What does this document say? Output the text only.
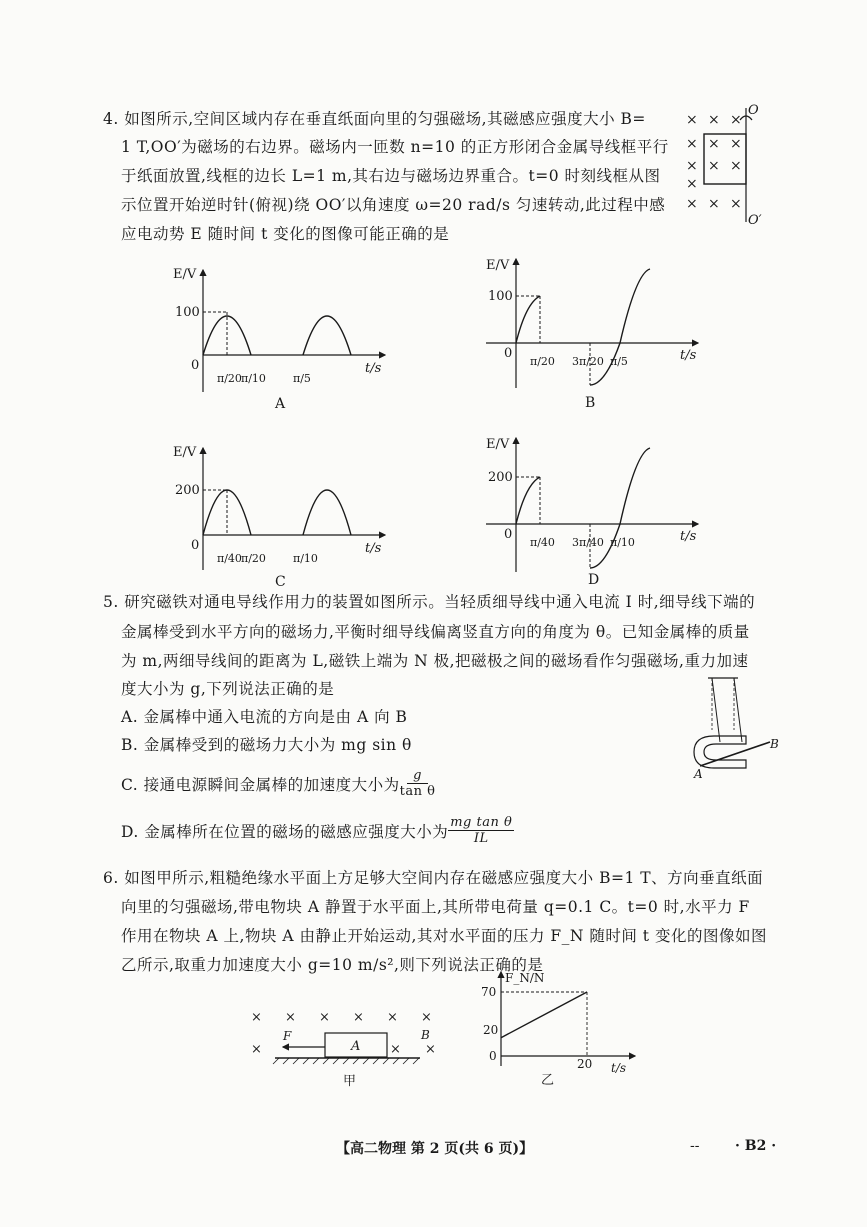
4. 如图所示,空间区域内存在垂直纸面向里的匀强磁场,其磁感应强度大小 B=
1 T,OO′为磁场的右边界。磁场内一匝数 n=10 的正方形闭合金属导线框平行
于纸面放置,线框的边长 L=1 m,其右边与磁场边界重合。t=0 时刻线框从图
示位置开始逆时针(俯视)绕 OO′以角速度 ω=20 rad/s 匀速转动,此过程中感
应电动势 E 随时间 t 变化的图像可能正确的是
× × ×
× × ×
× × ×
×
× × ×
O
O′
E/V
t/s
0
100
π/20 π/10 π/5
A
E/V
t/s
0
100
π/20 3π/20 π/5
B
E/V
t/s
0
200
π/40 π/20 π/10
C
E/V
t/s
0
200
π/40 3π/40 π/10
D
5. 研究磁铁对通电导线作用力的装置如图所示。当轻质细导线中通入电流 I 时,细导线下端的
金属棒受到水平方向的磁场力,平衡时细导线偏离竖直方向的角度为 θ。已知金属棒的质量
为 m,两细导线间的距离为 L,磁铁上端为 N 极,把磁极之间的磁场看作匀强磁场,重力加速
度大小为 g,下列说法正确的是
A. 金属棒中通入电流的方向是由 A 向 B
B. 金属棒受到的磁场力大小为 mg sin θ
C. 接通电源瞬间金属棒的加速度大小为 $\frac{g}{\text{tan θ}}$
D. 金属棒所在位置的磁场的磁感应强度大小为 $\frac{\text{mg tan θ}}{IL}$
A
B
6. 如图甲所示,粗糙绝缘水平面上方足够大空间内存在磁感应强度大小 B=1 T、方向垂直纸面
向里的匀强磁场,带电物块 A 静置于水平面上,其所带电荷量 q=0.1 C。t=0 时,水平力 F
作用在物块 A 上,物块 A 由静止开始运动,其对水平面的压力 F_N 随时间 t 变化的图像如图
乙所示,取重力加速度大小 g=10 m/s²,则下列说法正确的是
× × × × × ×
×	× ×
A
F	B
甲
F_N/N
t/s
0
70
20
20
乙
【高二物理 第 2 页(共 6 页)】	--	· B2 ·
